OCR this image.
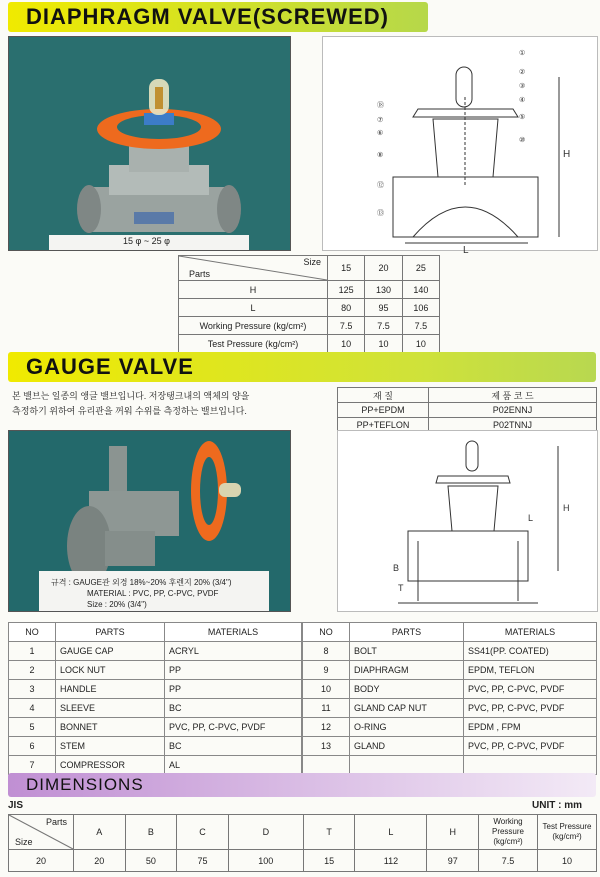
DIAPHRAGM VALVE(SCREWED)
15 φ ~ 25 φ
①
②
③
④
⑤
⑥
⑦
⑧
⑩
⑫
⑬
⑱
H
L
Size
Parts	15	20	25
H	125	130	140
L	80	95	106
Working Pressure (kg/cm²)	7.5	7.5	7.5
Test Pressure (kg/cm²)	10	10	10
GAUGE VALVE
본 밸브는 일종의 앵글 밸브입니다. 저장탱크내의 액체의 양을
측정하기 위하여 유리관을 꺼워 수위를 측정하는 밸브입니다.
재 질	제 품 코 드
PP+EPDM	P02ENNJ
PP+TEFLON	P02TNNJ
규격 : GAUGE관 외경 18%~20% 후렌지 20% (3/4")
MATERIAL : PVC, PP, C-PVC, PVDF
Size : 20% (3/4")
B
T
L
H
NO	PARTS	MATERIALS
1	GAUGE CAP	ACRYL
2	LOCK NUT	PP
3	HANDLE	PP
4	SLEEVE	BC
5	BONNET	PVC, PP, C-PVC, PVDF
6	STEM	BC
7	COMPRESSOR	AL
NO	PARTS	MATERIALS
8	BOLT	SS41(PP. COATED)
9	DIAPHRAGM	EPDM, TEFLON
10	BODY	PVC, PP, C-PVC, PVDF
11	GLAND CAP NUT	PVC, PP, C-PVC, PVDF
12	O-RING	EPDM , FPM
13	GLAND	PVC, PP, C-PVC, PVDF

DIMENSIONS
JIS	UNIT : mm
Parts
Size	A	B	C	D	T	L	H	Working Pressure (kg/cm²)	Test Pressure (kg/cm²)
20	20	50	75	100	15	112	97	7.5	10
